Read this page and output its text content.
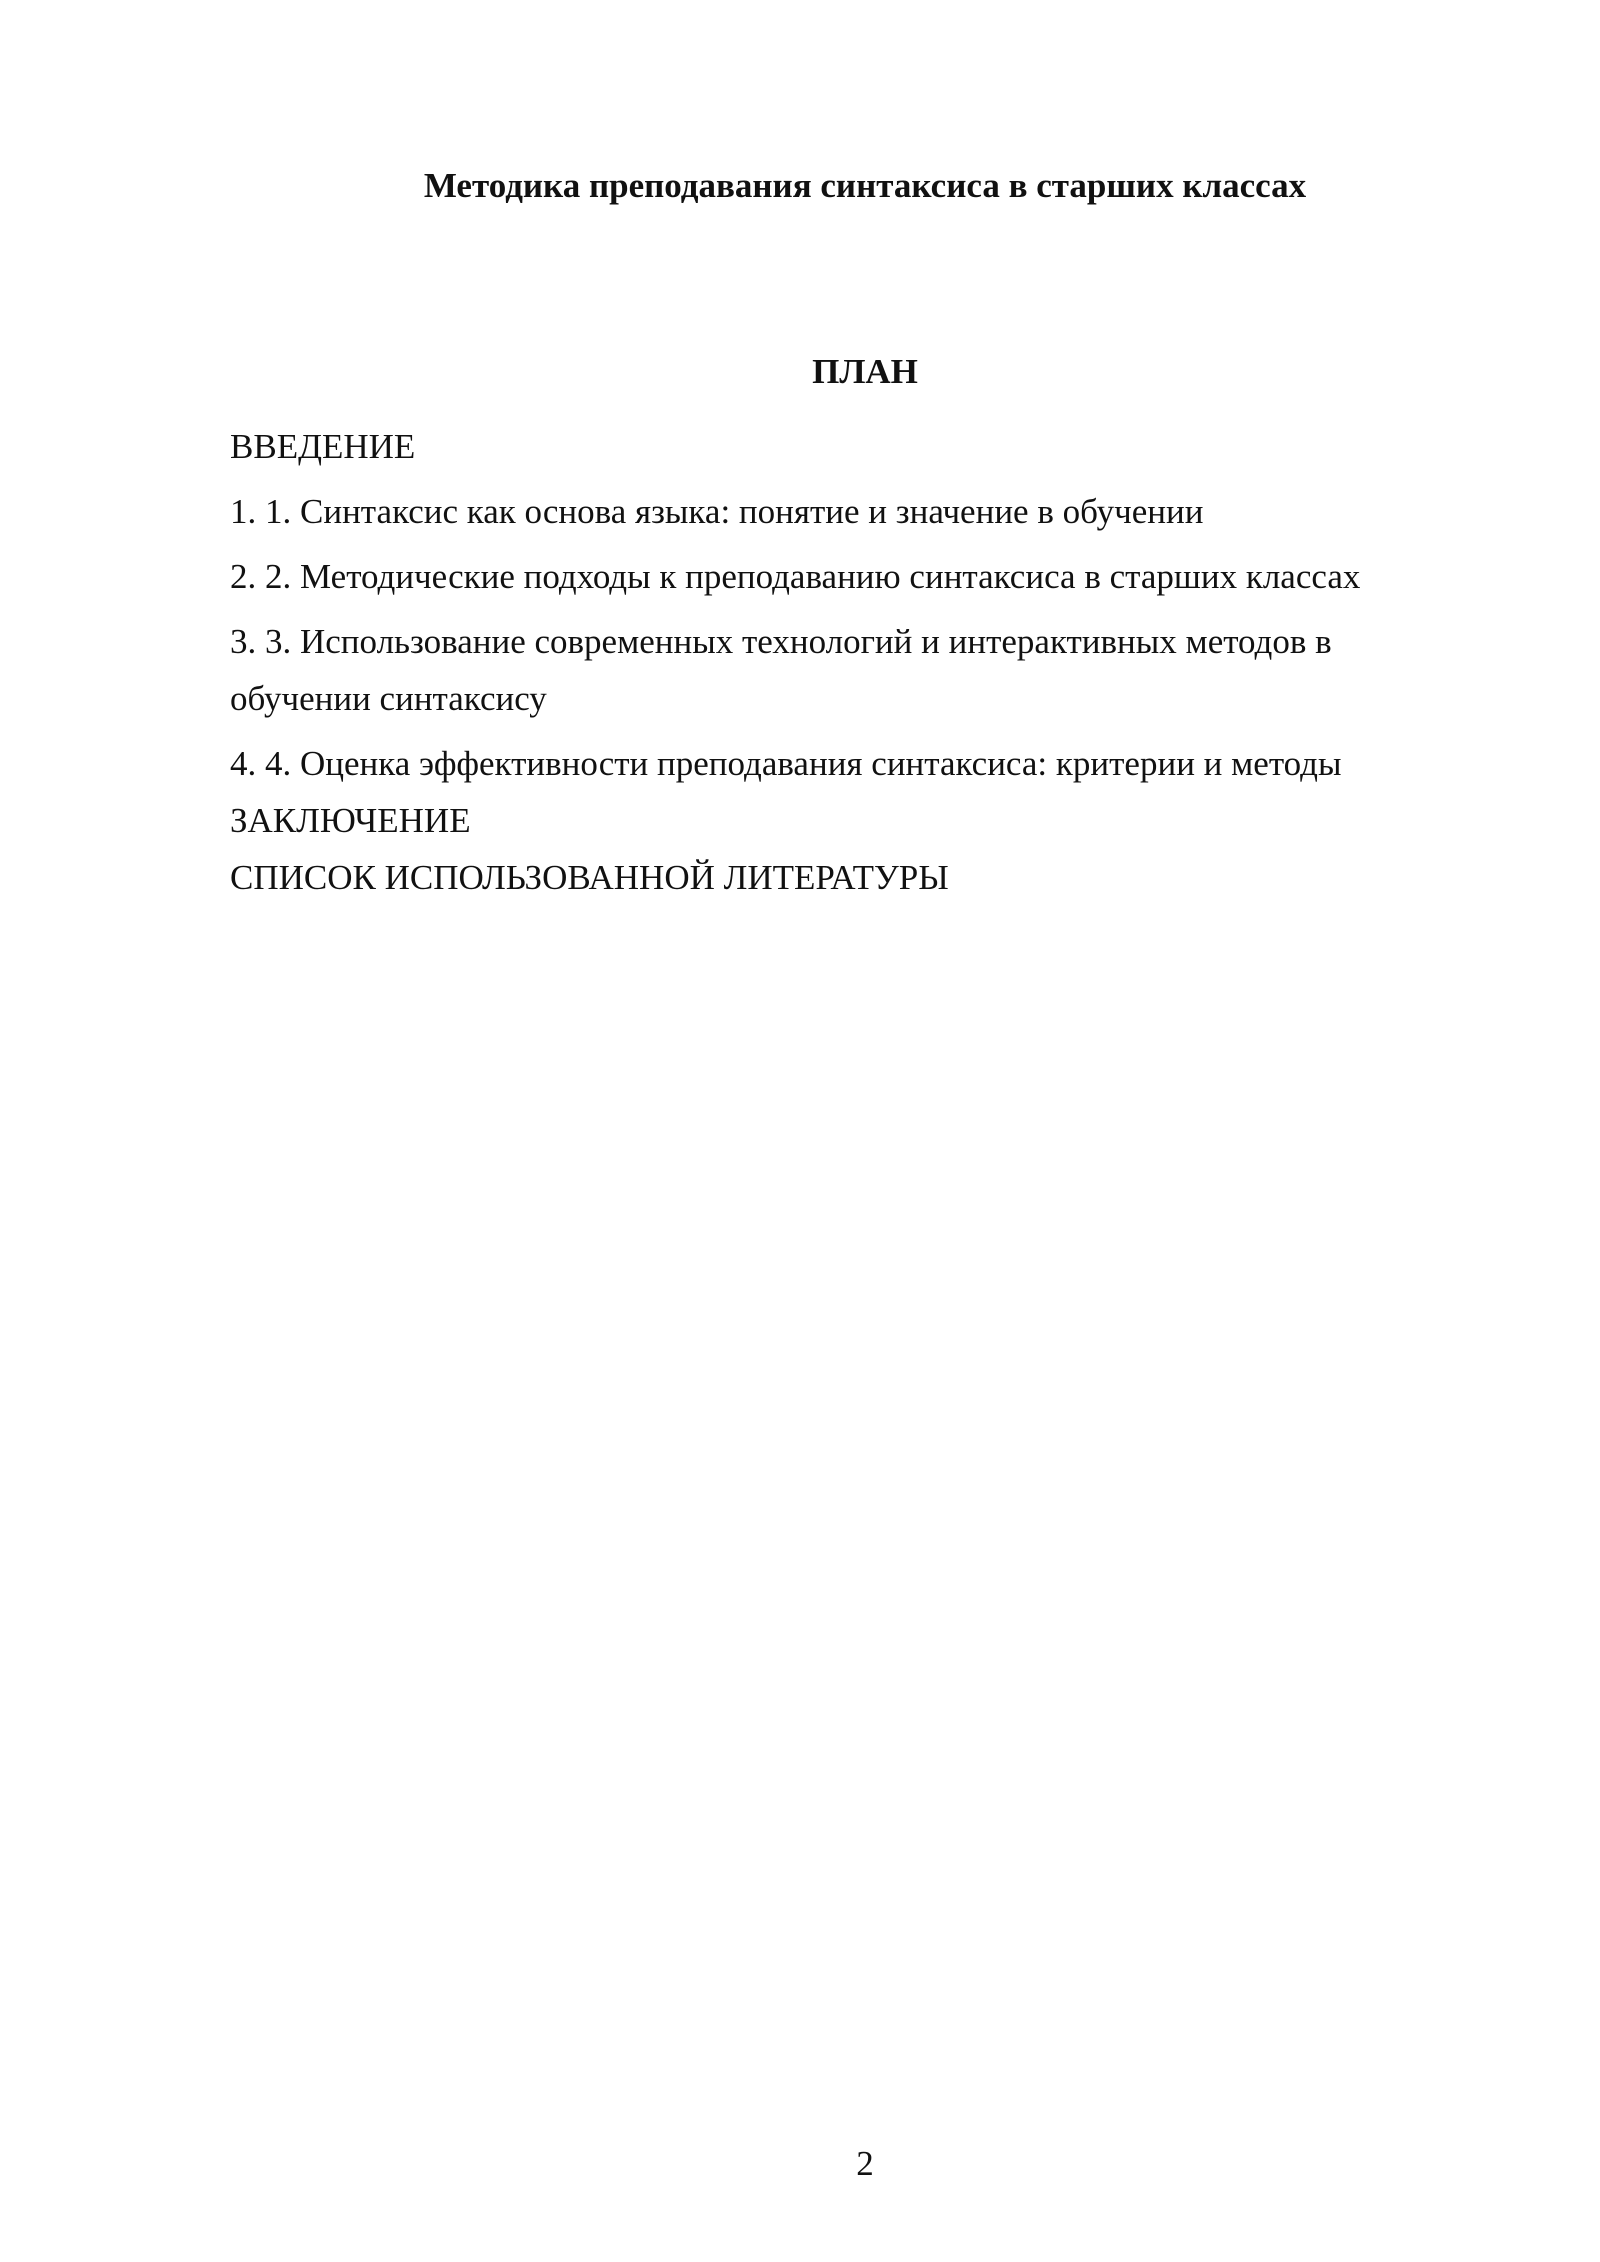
Методика преподавания синтаксиса в старших классах
ПЛАН
ВВЕДЕНИЕ
1. 1. Синтаксис как основа языка: понятие и значение в обучении
2. 2. Методические подходы к преподаванию синтаксиса в старших классах
3. 3. Использование современных технологий и интерактивных методов в обучении синтаксису
4. 4. Оценка эффективности преподавания синтаксиса: критерии и методы
ЗАКЛЮЧЕНИЕ
СПИСОК ИСПОЛЬЗОВАННОЙ ЛИТЕРАТУРЫ
2
